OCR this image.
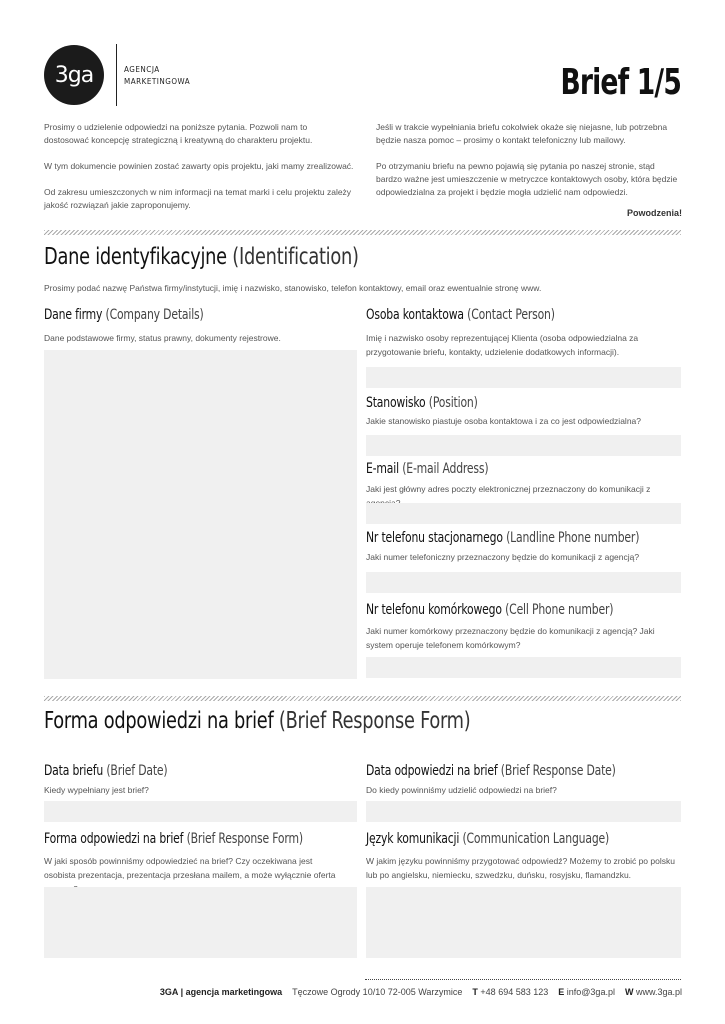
3ga	AGENCJA
MARKETINGOWA	Brief 1/5

Prosimy o udzielenie odpowiedzi na poniższe pytania. Pozwoli nam to dostosować koncepcję strategiczną i kreatywną do charakteru projektu.

W tym dokumencie powinien zostać zawarty opis projektu, jaki mamy zrealizować.

Od zakresu umieszczonych w nim informacji na temat marki i celu projektu zależy jakość rozwiązań jakie zaproponujemy.

Jeśli w trakcie wypełniania briefu cokolwiek okaże się niejasne, lub potrzebna będzie nasza pomoc – prosimy o kontakt telefoniczny lub mailowy.

Po otrzymaniu briefu na pewno pojawią się pytania po naszej stronie, stąd bardzo ważne jest umieszczenie w metryczce kontaktowych osoby, która będzie odpowiedzialna za projekt i będzie mogła udzielić nam odpowiedzi.

Powodzenia!
Dane identyfikacyjne (Identification)
Prosimy podać nazwę Państwa firmy/instytucji, imię i nazwisko, stanowisko, telefon kontaktowy, email oraz ewentualnie stronę www.
Dane firmy (Company Details)
Dane podstawowe firmy, status prawny, dokumenty rejestrowe.
Osoba kontaktowa (Contact Person)
Imię i nazwisko osoby reprezentującej Klienta (osoba odpowiedzialna za przygotowanie briefu, kontakty, udzielenie dodatkowych informacji).
Stanowisko (Position)
Jakie stanowisko piastuje osoba kontaktowa i za co jest odpowiedzialna?
E-mail (E-mail Address)
Jaki jest główny adres poczty elektronicznej przeznaczony do komunikacji z
Nr telefonu stacjonarnego (Landline Phone number)
Jaki numer telefoniczny przeznaczony będzie do komunikacji z agencją?
Nr telefonu komórkowego (Cell Phone number)
Jaki numer komórkowy przeznaczony będzie do komunikacji z agencją? Jaki system operuje telefonem komórkowym?
Forma odpowiedzi na brief (Brief Response Form)
Data briefu (Brief Date)
Kiedy wypełniany jest brief?
Data odpowiedzi na brief (Brief Response Date)
Do kiedy powinniśmy udzielić odpowiedzi na brief?
Forma odpowiedzi na brief (Brief Response Form)
W jaki sposób powinniśmy odpowiedzieć na brief? Czy oczekiwana jest osobista prezentacja, prezentacja przesłana mailem, a może wyłącznie oferta
Język komunikacji (Communication Language)
W jakim języku powinniśmy przygotować odpowiedź? Możemy to zrobić po polsku lub po angielsku, niemiecku, szwedzku, duńsku, rosyjsku, flamandzku.
3GA | agencja marketingowa Tęczowe Ogrody 10/10 72-005 Warzymice T +48 694 583 123 E info@3ga.pl W www.3ga.pl
